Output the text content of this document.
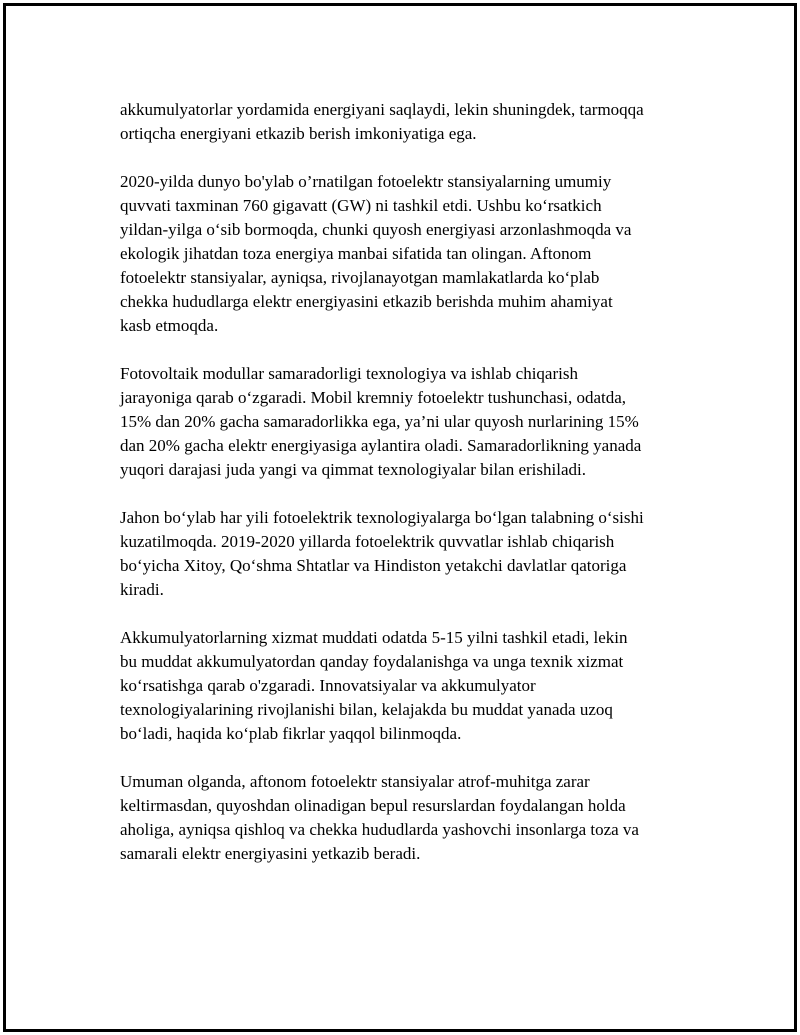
akkumulyatorlar yordamida energiyani saqlaydi, lekin shuningdek, tarmoqqa
ortiqcha energiyani etkazib berish imkoniyatiga ega.

2020-yilda dunyo bo'ylab o’rnatilgan fotoelektr stansiyalarning umumiy
quvvati taxminan 760 gigavatt (GW) ni tashkil etdi. Ushbu ko‘rsatkich
yildan-yilga o‘sib bormoqda, chunki quyosh energiyasi arzonlashmoqda va
ekologik jihatdan toza energiya manbai sifatida tan olingan. Aftonom
fotoelektr stansiyalar, ayniqsa, rivojlanayotgan mamlakatlarda ko‘plab
chekka hududlarga elektr energiyasini etkazib berishda muhim ahamiyat
kasb etmoqda.

Fotovoltaik modullar samaradorligi texnologiya va ishlab chiqarish
jarayoniga qarab o‘zgaradi. Mobil kremniy fotoelektr tushunchasi, odatda,
15% dan 20% gacha samaradorlikka ega, ya’ni ular quyosh nurlarining 15%
dan 20% gacha elektr energiyasiga aylantira oladi. Samaradorlikning yanada
yuqori darajasi juda yangi va qimmat texnologiyalar bilan erishiladi.

Jahon bo‘ylab har yili fotoelektrik texnologiyalarga bo‘lgan talabning o‘sishi
kuzatilmoqda. 2019-2020 yillarda fotoelektrik quvvatlar ishlab chiqarish
bo‘yicha Xitoy, Qo‘shma Shtatlar va Hindiston yetakchi davlatlar qatoriga
kiradi.

Akkumulyatorlarning xizmat muddati odatda 5-15 yilni tashkil etadi, lekin
bu muddat akkumulyatordan qanday foydalanishga va unga texnik xizmat
ko‘rsatishga qarab o'zgaradi. Innovatsiyalar va akkumulyator
texnologiyalarining rivojlanishi bilan, kelajakda bu muddat yanada uzoq
bo‘ladi, haqida ko‘plab fikrlar yaqqol bilinmoqda.

Umuman olganda, aftonom fotoelektr stansiyalar atrof-muhitga zarar
keltirmasdan, quyoshdan olinadigan bepul resurslardan foydalangan holda
aholiga, ayniqsa qishloq va chekka hududlarda yashovchi insonlarga toza va
samarali elektr energiyasini yetkazib beradi.
